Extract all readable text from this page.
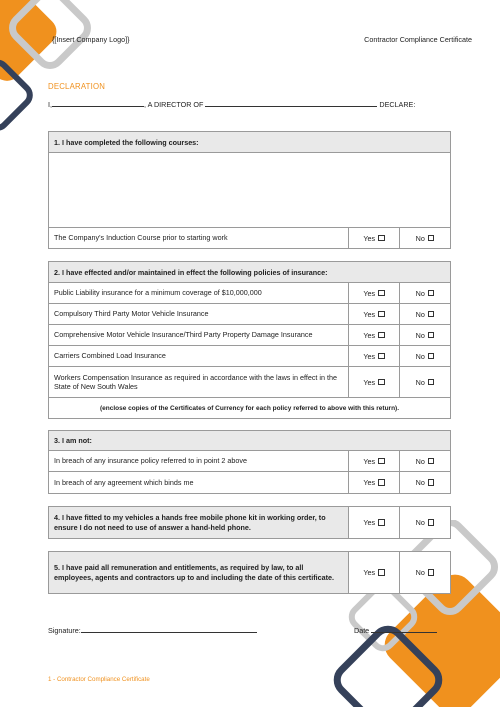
{[Insert Company Logo]}	Contractor Compliance Certificate
DECLARATION
I,	, A DIRECTOR OF	DECLARE:
1. I have completed the following courses:
The Company's Induction Course prior to starting work	Yes	No
2. I have effected and/or maintained in effect the following policies of insurance:
Public Liability insurance for a minimum coverage of $10,000,000	Yes	No
Compulsory Third Party Motor Vehicle Insurance	Yes	No
Comprehensive Motor Vehicle Insurance/Third Party Property Damage Insurance	Yes	No
Carriers Combined Load Insurance	Yes	No
Workers Compensation Insurance as required in accordance with the laws in effect in the State of New South Wales	Yes	No
(enclose copies of the Certificates of Currency for each policy referred to above with this return).
3. I am not:
In breach of any insurance policy referred to in point 2 above	Yes	No
In breach of any agreement which binds me	Yes	No
4. I have fitted to my vehicles a hands free mobile phone kit in working order, to ensure I do not need to use of answer a hand-held phone.	Yes	No
5. I have paid all remuneration and entitlements, as required by law, to all employees, agents and contractors up to and including the date of this certificate.	Yes	No
Signature:	Date
1 - Contractor Compliance Certificate
